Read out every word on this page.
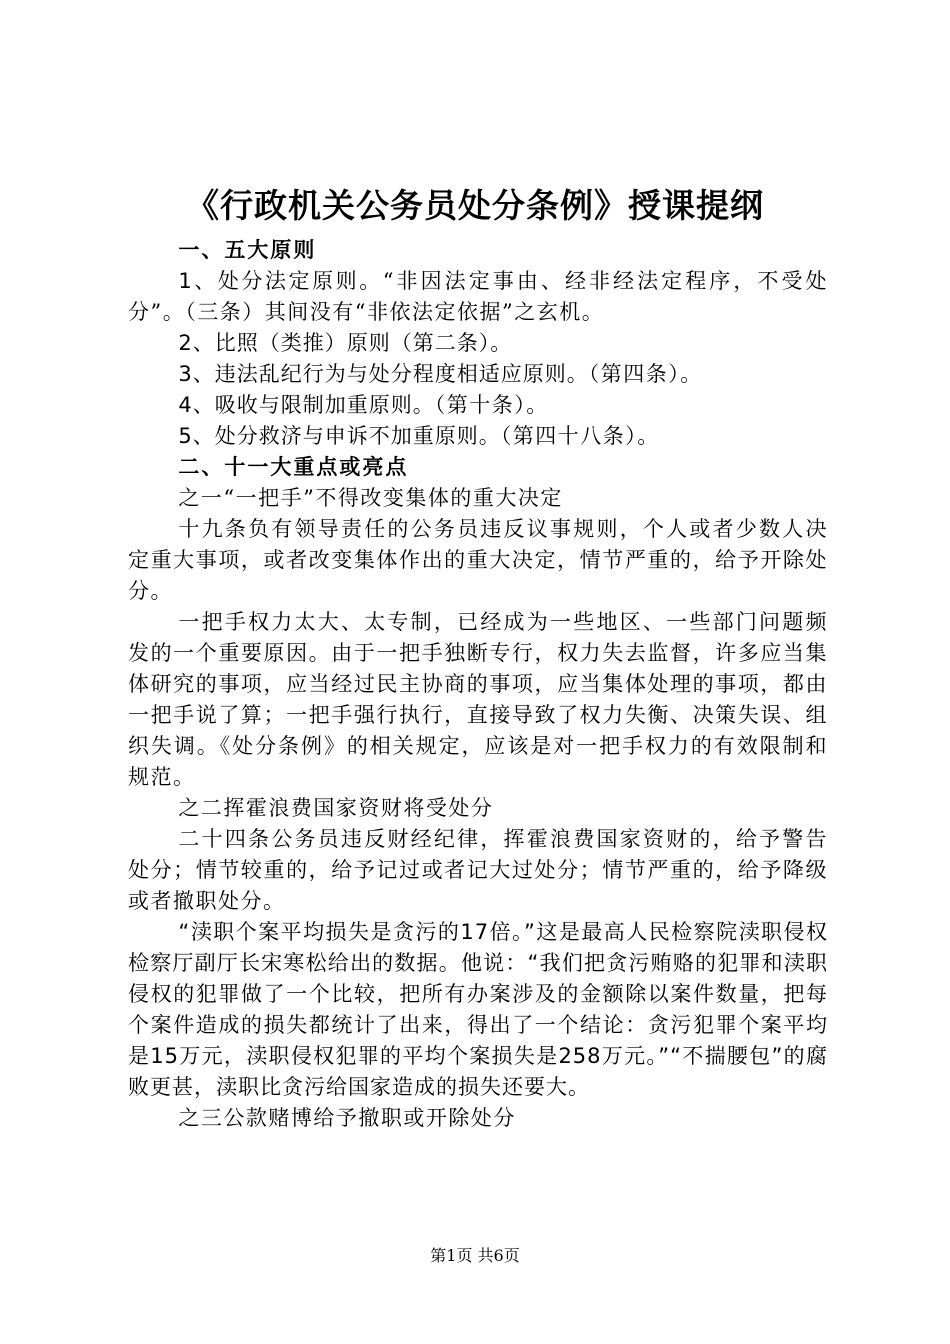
《行政机关公务员处分条例》授课提纲

一、五大原则

1、处分法定原则。“非因法定事由、经非经法定程序，不受处分”。（三条）其间没有“非依法定依据”之玄机。

2、比照（类推）原则（第二条）。

3、违法乱纪行为与处分程度相适应原则。（第四条）。

4、吸收与限制加重原则。（第十条）。

5、处分救济与申诉不加重原则。（第四十八条）。

二、十一大重点或亮点

之一“一把手”不得改变集体的重大决定

十九条负有领导责任的公务员违反议事规则，个人或者少数人决定重大事项，或者改变集体作出的重大决定，情节严重的，给予开除处分。

一把手权力太大、太专制，已经成为一些地区、一些部门问题频发的一个重要原因。由于一把手独断专行，权力失去监督，许多应当集体研究的事项，应当经过民主协商的事项，应当集体处理的事项，都由一把手说了算；一把手强行执行，直接导致了权力失衡、决策失误、组织失调。《处分条例》的相关规定，应该是对一把手权力的有效限制和规范。

之二挥霍浪费国家资财将受处分

二十四条公务员违反财经纪律，挥霍浪费国家资财的，给予警告处分；情节较重的，给予记过或者记大过处分；情节严重的，给予降级或者撤职处分。

“渎职个案平均损失是贪污的17倍。”这是最高人民检察院渎职侵权检察厅副厅长宋寒松给出的数据。他说：“我们把贪污贿赂的犯罪和渎职侵权的犯罪做了一个比较，把所有办案涉及的金额除以案件数量，把每个案件造成的损失都统计了出来，得出了一个结论：贪污犯罪个案平均是15万元，渎职侵权犯罪的平均个案损失是258万元。”“不揣腰包”的腐败更甚，渎职比贪污给国家造成的损失还要大。

之三公款赌博给予撤职或开除处分

第1页 共6页
